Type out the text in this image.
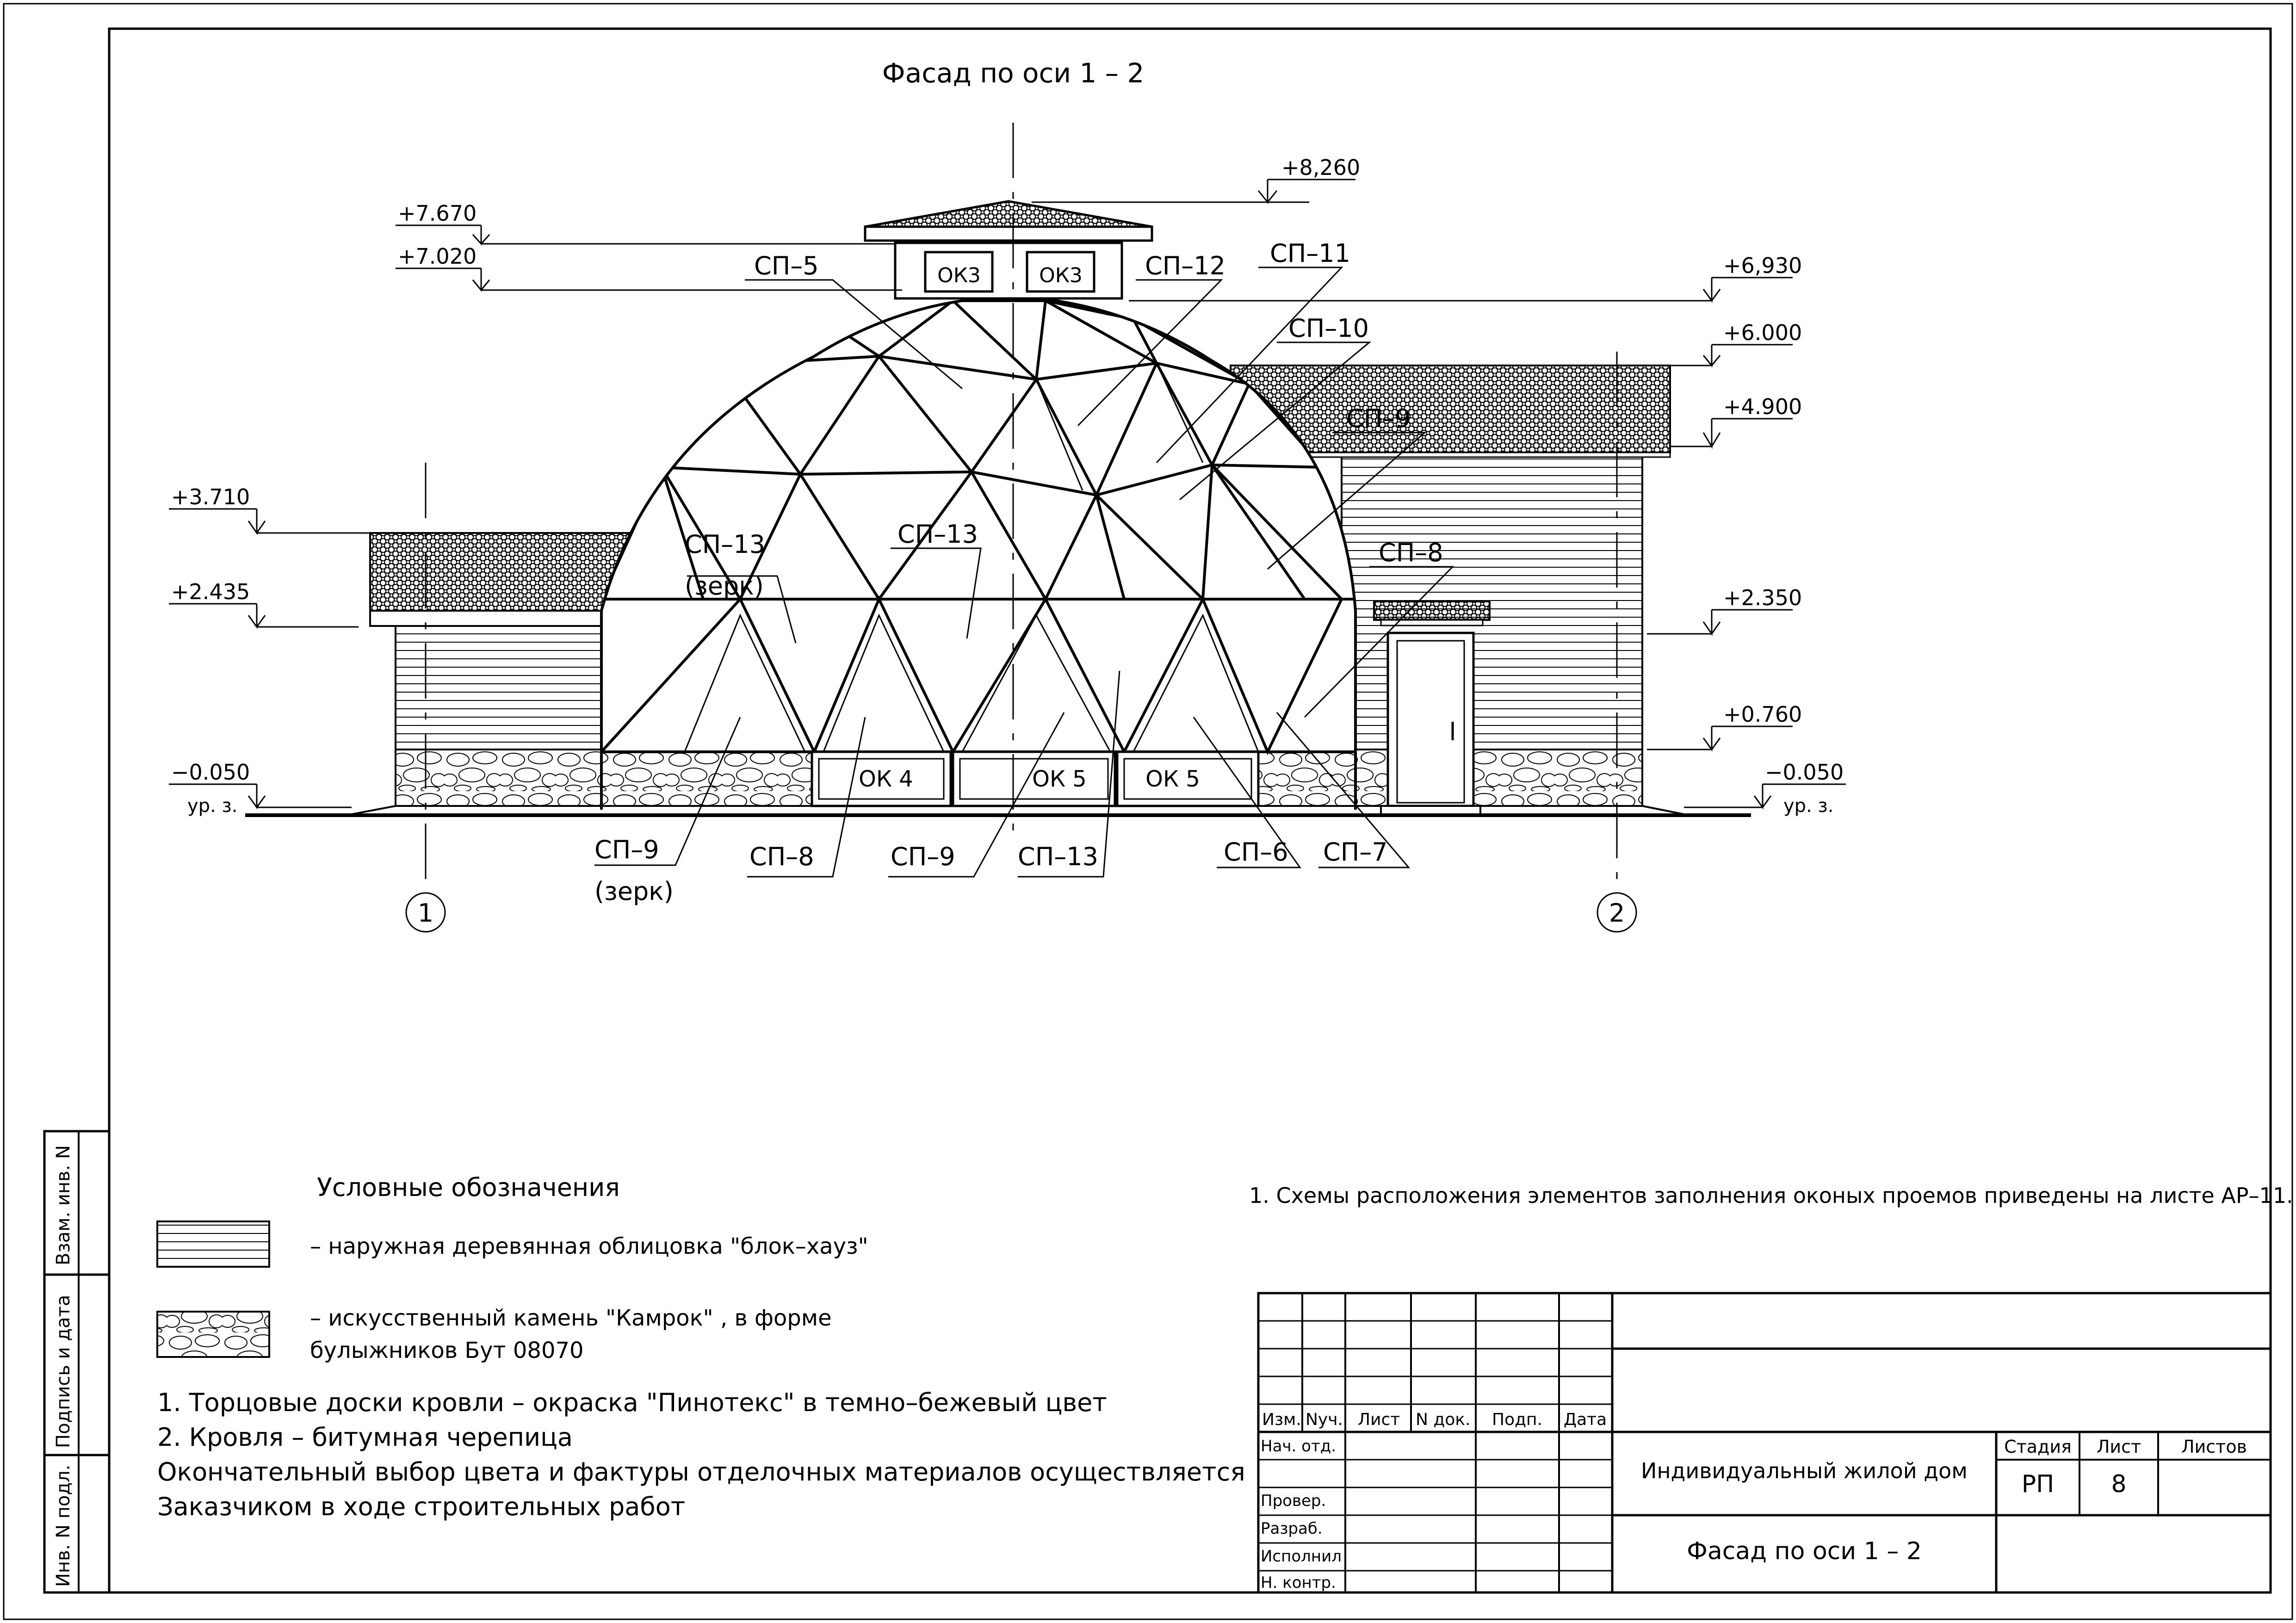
Взам. инв. N
Подпись и дата
Инв. N подл.
Фасад по оси 1 – 2
ОК3	ОК3
ОК 4	ОК 5	ОК 5
1	2
+8,260
+7.670
+7.020	+6,930
+6.000
+4.900
+3.710
+2.435	+2.350
+0.760
−0.050
ур. з.
−0.050
ур. з.
СП–5	СП–12 СП–11
СП–10
СП–9
СП–8
СП–13
(зерк)
СП–13
СП–9
(зерк)
СП–8	СП–9	СП–13	СП–6 СП–7
Условные обозначения
– наружная деревянная облицовка "блок–хауз"
– искусственный камень "Камрок" , в форме
булыжников Бут 08070
1. Торцовые доски кровли – окраска "Пинотекс" в темно–бежевый цвет
2. Кровля – битумная черепица
Окончательный выбор цвета и фактуры отделочных материалов осуществляется
Заказчиком в ходе строительных работ
1. Схемы расположения элементов заполнения оконых проемов приведены на листе АР–11.
Изм. Nуч. Лист N док. Подп. Дата
Нач. отд.
Провер.
Разраб.
Исполнил
Н. контр.
Индивидуальный жилой дом
Фасад по оси 1 – 2
Стадия Лист Листов
РП 8
